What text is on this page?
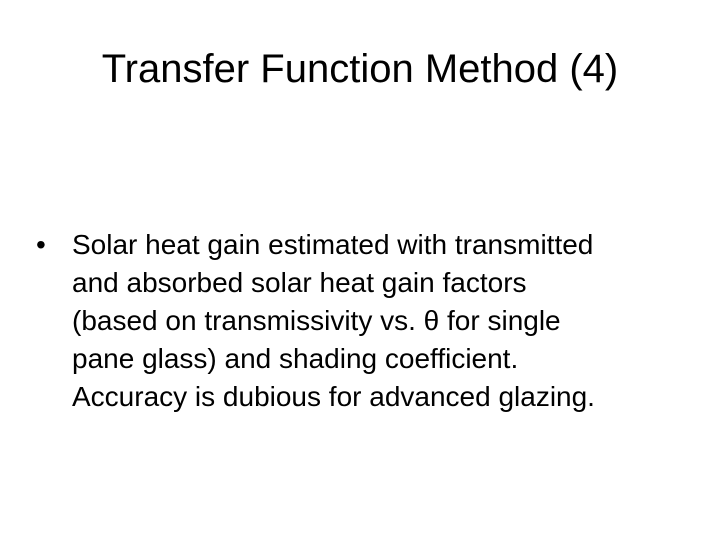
Transfer Function Method (4)
• Solar heat gain estimated with transmitted
and absorbed solar heat gain factors
(based on transmissivity vs. θ for single
pane glass) and shading coefficient.
Accuracy is dubious for advanced glazing.
